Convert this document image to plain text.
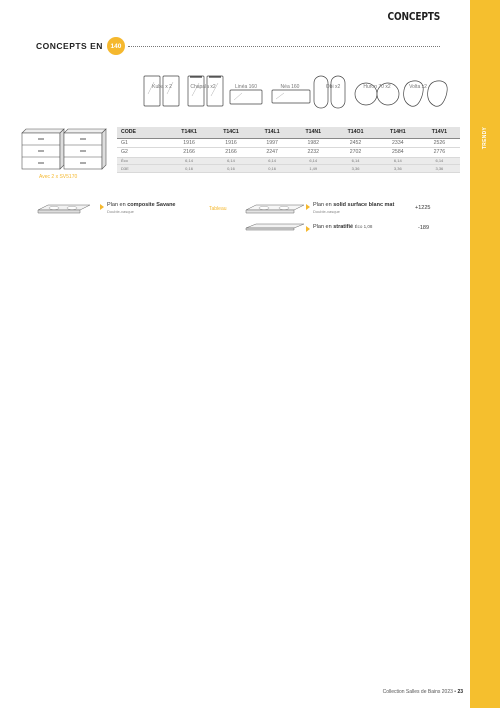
TRENDY
CONCEPTS
CONCEPTS EN	140
Kuba x 2	Chapala x2	Linéa 160	Néa 160	Obi x2	Huron 70 x2	Volta x2
Avec 2 x SV5170
CODE	T14K1	T14C1	T14L1	T14N1	T14O1	T14H1	T14V1
G1	1916	1916	1997	1982	2452	2334	2526
G2	2166	2166	2247	2232	2702	2584	2776
Éco	6,14	6,14	6,14	6,14	6,14	6,14	6,14
D3E	0,16	0,16	0,16	1,49	3,36	3,36	3,36
Plan en composite Savane
Double-vasque	Tableau
Plan en solid surface blanc mat
Double-vasque
+1225
Plan en stratifié Éco 1,08	-189
Collection Salles de Bains 2023 • 23
